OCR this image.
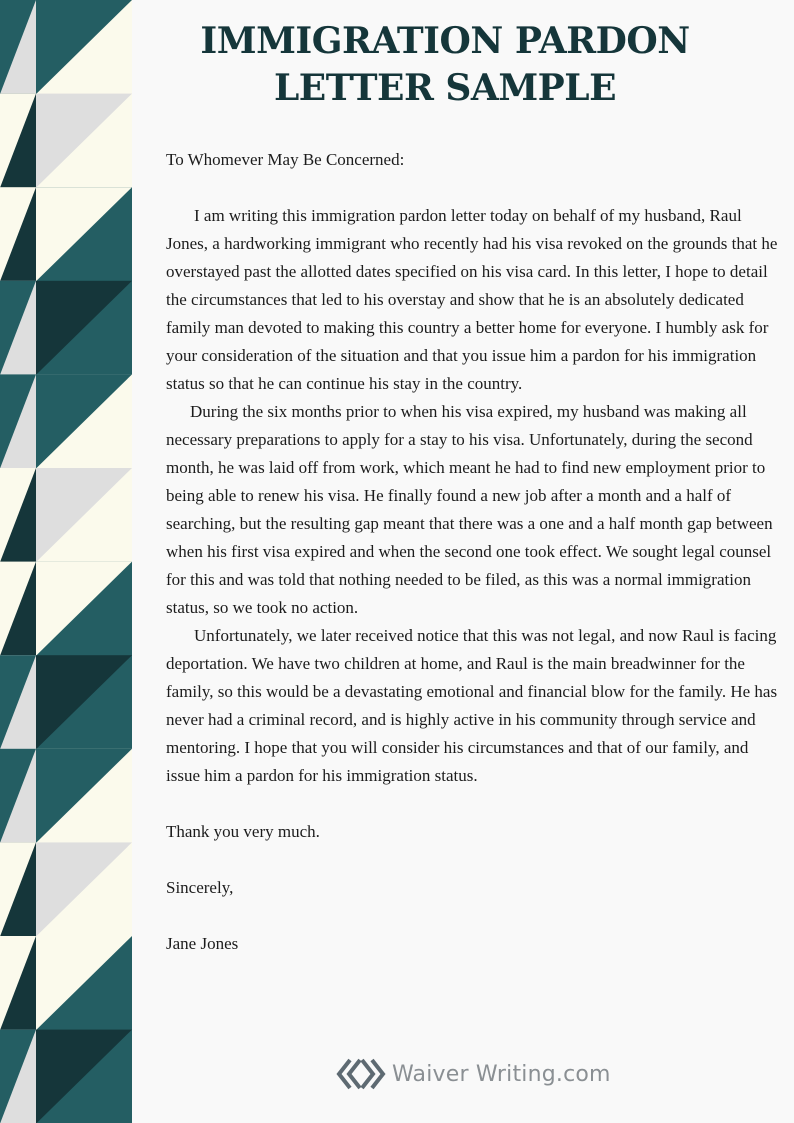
IMMIGRATION PARDON
LETTER SAMPLE

To Whomever May Be Concerned:

I am writing this immigration pardon letter today on behalf of my husband, Raul Jones, a hardworking immigrant who recently had his visa revoked on the grounds that he overstayed past the allotted dates specified on his visa card. In this letter, I hope to detail the circumstances that led to his overstay and show that he is an absolutely dedicated family man devoted to making this country a better home for everyone. I humbly ask for your consideration of the situation and that you issue him a pardon for his immigration status so that he can continue his stay in the country.

During the six months prior to when his visa expired, my husband was making all necessary preparations to apply for a stay to his visa. Unfortunately, during the second month, he was laid off from work, which meant he had to find new employment prior to being able to renew his visa. He finally found a new job after a month and a half of searching, but the resulting gap meant that there was a one and a half month gap between when his first visa expired and when the second one took effect. We sought legal counsel for this and was told that nothing needed to be filed, as this was a normal immigration status, so we took no action.

Unfortunately, we later received notice that this was not legal, and now Raul is facing deportation. We have two children at home, and Raul is the main breadwinner for the family, so this would be a devastating emotional and financial blow for the family. He has never had a criminal record, and is highly active in his community through service and mentoring. I hope that you will consider his circumstances and that of our family, and issue him a pardon for his immigration status.

Thank you very much.

Sincerely,

Jane Jones

Waiver Writing.com
